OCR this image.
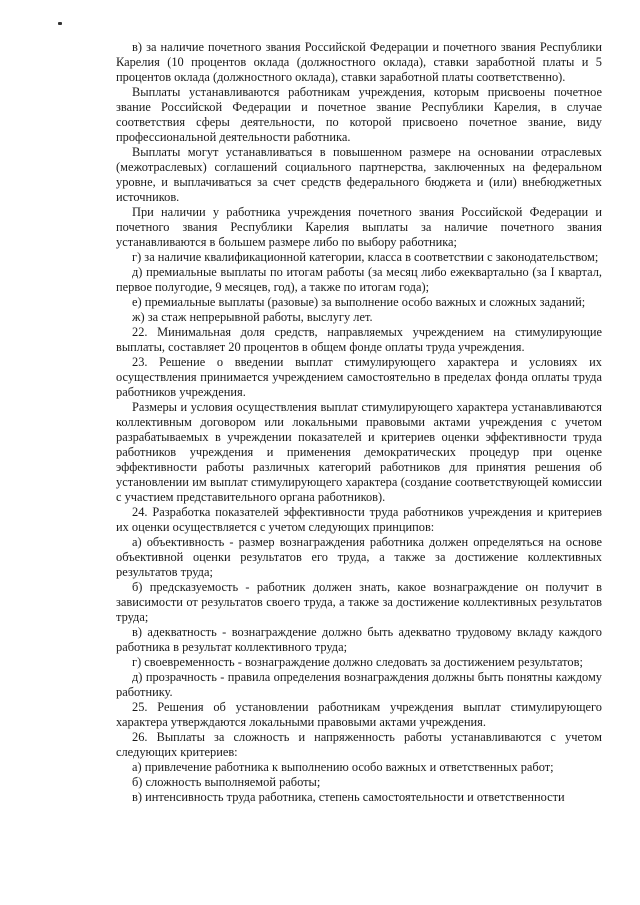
в) за наличие почетного звания Российской Федерации и почетного звания Республики Карелия (10 процентов оклада (должностного оклада), ставки заработной платы и 5 процентов оклада (должностного оклада), ставки заработной платы соответственно).

Выплаты устанавливаются работникам учреждения, которым присвоены почетное звание Российской Федерации и почетное звание Республики Карелия, в случае соответствия сферы деятельности, по которой присвоено почетное звание, виду профессиональной деятельности работника.

Выплаты могут устанавливаться в повышенном размере на основании отраслевых (межотраслевых) соглашений социального партнерства, заключенных на федеральном уровне, и выплачиваться за счет средств федерального бюджета и (или) внебюджетных источников.

При наличии у работника учреждения почетного звания Российской Федерации и почетного звания Республики Карелия выплаты за наличие почетного звания устанавливаются в большем размере либо по выбору работника;

г) за наличие квалификационной категории, класса в соответствии с законодательством;

д) премиальные выплаты по итогам работы (за месяц либо ежеквартально (за I квартал, первое полугодие, 9 месяцев, год), а также по итогам года);

е) премиальные выплаты (разовые) за выполнение особо важных и сложных заданий;

ж) за стаж непрерывной работы, выслугу лет.

22. Минимальная доля средств, направляемых учреждением на стимулирующие выплаты, составляет 20 процентов в общем фонде оплаты труда учреждения.

23. Решение о введении выплат стимулирующего характера и условиях их осуществления принимается учреждением самостоятельно в пределах фонда оплаты труда работников учреждения.

Размеры и условия осуществления выплат стимулирующего характера устанавливаются коллективным договором или локальными правовыми актами учреждения с учетом разрабатываемых в учреждении показателей и критериев оценки эффективности труда работников учреждения и применения демократических процедур при оценке эффективности работы различных категорий работников для принятия решения об установлении им выплат стимулирующего характера (создание соответствующей комиссии с участием представительного органа работников).

24. Разработка показателей эффективности труда работников учреждения и критериев их оценки осуществляется с учетом следующих принципов:

а) объективность - размер вознаграждения работника должен определяться на основе объективной оценки результатов его труда, а также за достижение коллективных результатов труда;

б) предсказуемость - работник должен знать, какое вознаграждение он получит в зависимости от результатов своего труда, а также за достижение коллективных результатов труда;

в) адекватность - вознаграждение должно быть адекватно трудовому вкладу каждого работника в результат коллективного труда;

г) своевременность - вознаграждение должно следовать за достижением результатов;

д) прозрачность - правила определения вознаграждения должны быть понятны каждому работнику.

25. Решения об установлении работникам учреждения выплат стимулирующего характера утверждаются локальными правовыми актами учреждения.

26. Выплаты за сложность и напряженность работы устанавливаются с учетом следующих критериев:

а) привлечение работника к выполнению особо важных и ответственных работ;

б) сложность выполняемой работы;

в) интенсивность труда работника, степень самостоятельности и ответственности
